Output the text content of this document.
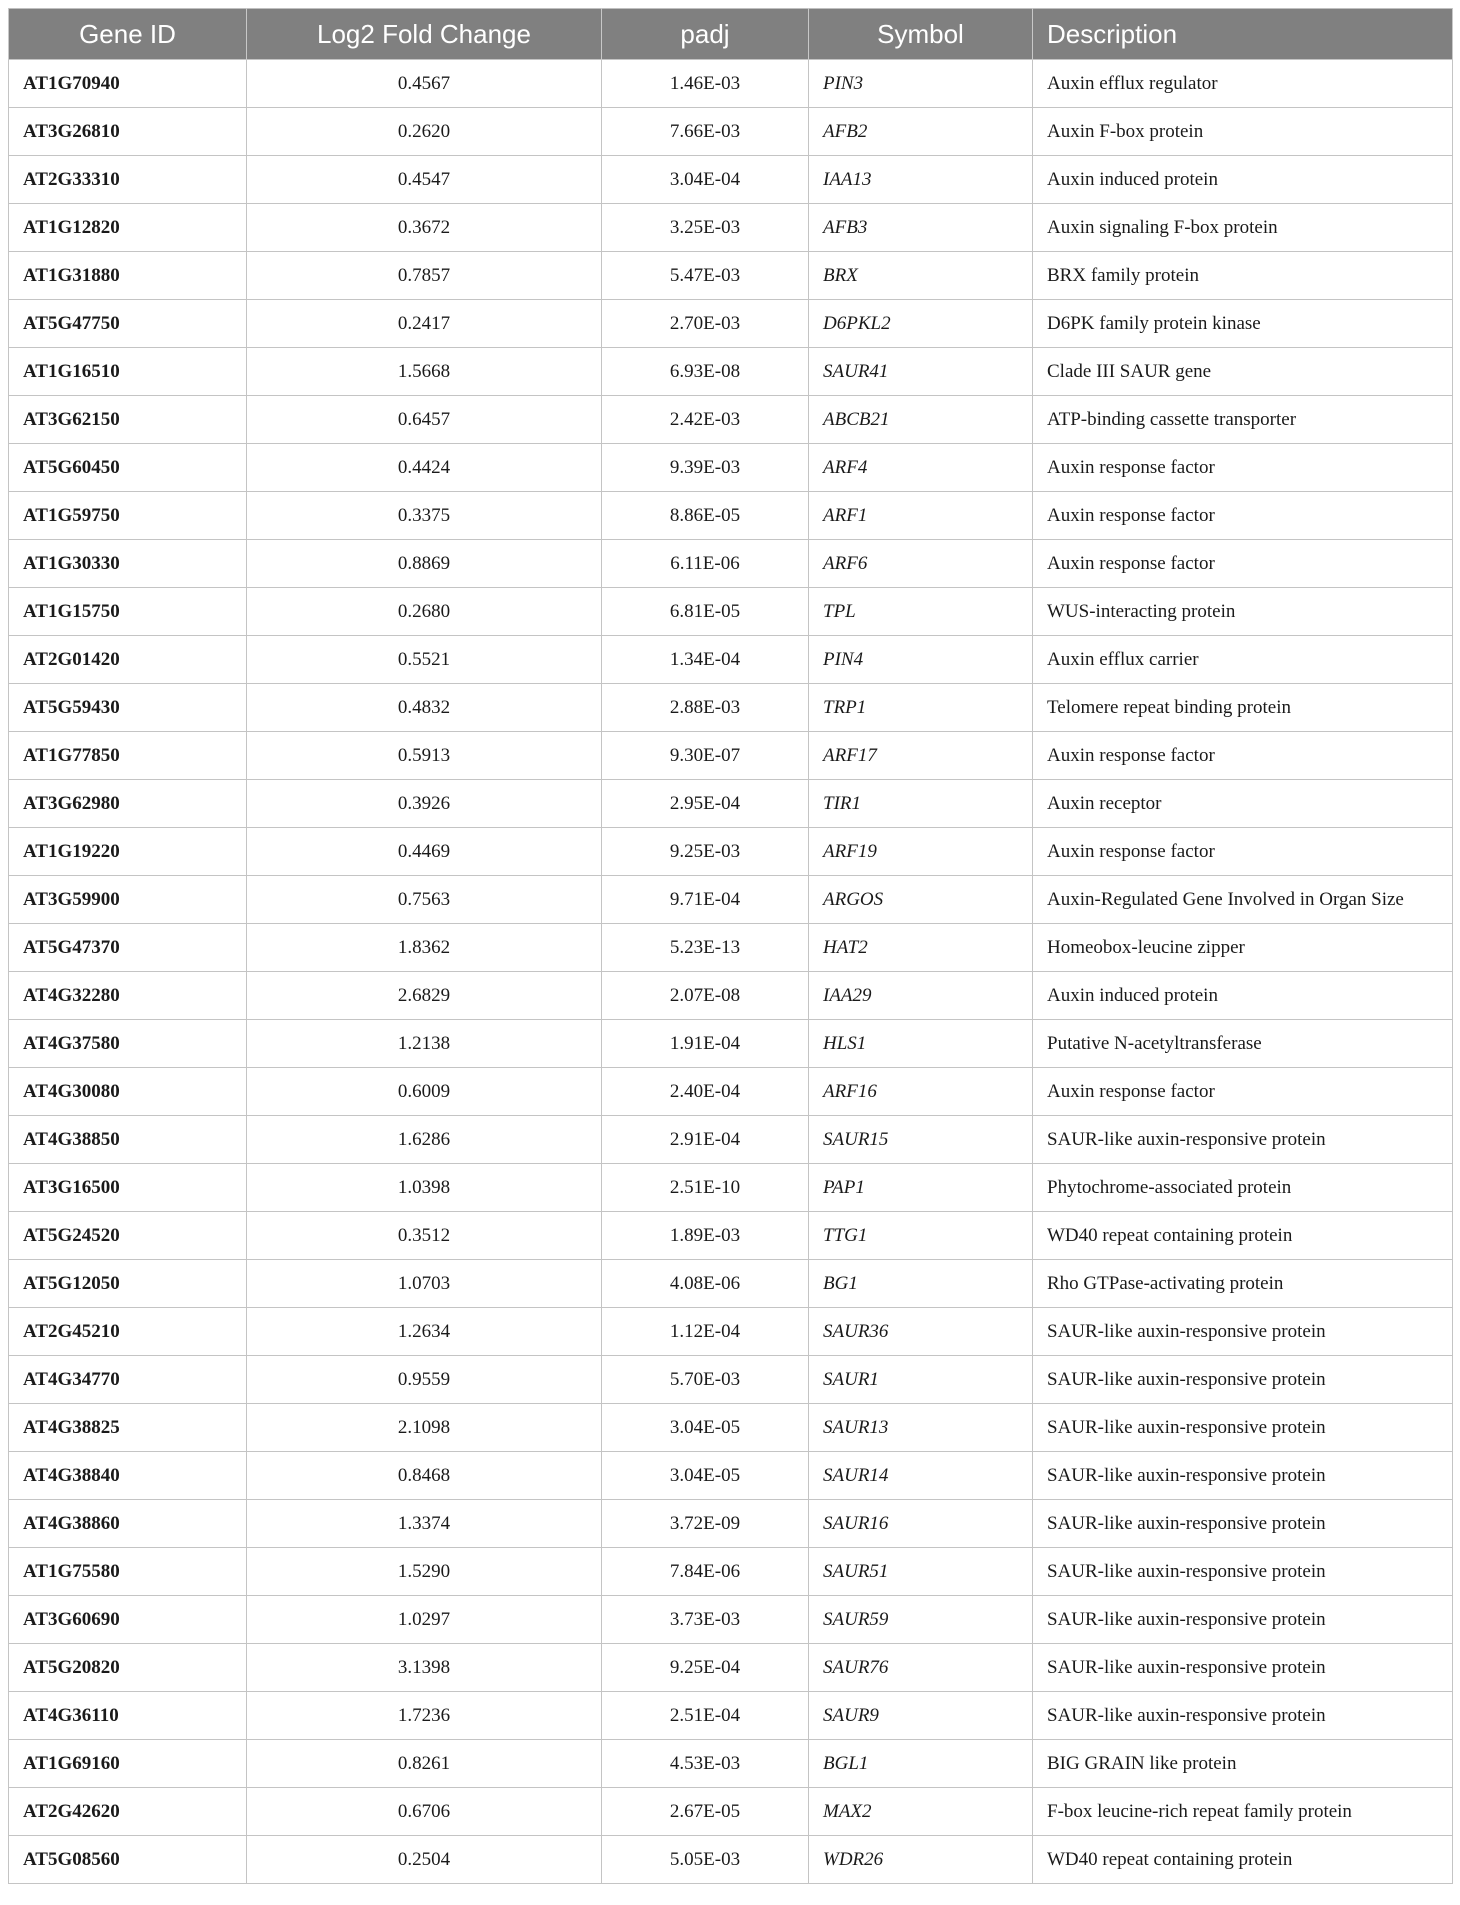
Gene ID	Log2 Fold Change	padj	Symbol	Description
AT1G70940	0.4567	1.46E-03	PIN3	Auxin efflux regulator
AT3G26810	0.2620	7.66E-03	AFB2	Auxin F-box protein
AT2G33310	0.4547	3.04E-04	IAA13	Auxin induced protein
AT1G12820	0.3672	3.25E-03	AFB3	Auxin signaling F-box protein
AT1G31880	0.7857	5.47E-03	BRX	BRX family protein
AT5G47750	0.2417	2.70E-03	D6PKL2	D6PK family protein kinase
AT1G16510	1.5668	6.93E-08	SAUR41	Clade III SAUR gene
AT3G62150	0.6457	2.42E-03	ABCB21	ATP-binding cassette transporter
AT5G60450	0.4424	9.39E-03	ARF4	Auxin response factor
AT1G59750	0.3375	8.86E-05	ARF1	Auxin response factor
AT1G30330	0.8869	6.11E-06	ARF6	Auxin response factor
AT1G15750	0.2680	6.81E-05	TPL	WUS-interacting protein
AT2G01420	0.5521	1.34E-04	PIN4	Auxin efflux carrier
AT5G59430	0.4832	2.88E-03	TRP1	Telomere repeat binding protein
AT1G77850	0.5913	9.30E-07	ARF17	Auxin response factor
AT3G62980	0.3926	2.95E-04	TIR1	Auxin receptor
AT1G19220	0.4469	9.25E-03	ARF19	Auxin response factor
AT3G59900	0.7563	9.71E-04	ARGOS	Auxin-Regulated Gene Involved in Organ Size
AT5G47370	1.8362	5.23E-13	HAT2	Homeobox-leucine zipper
AT4G32280	2.6829	2.07E-08	IAA29	Auxin induced protein
AT4G37580	1.2138	1.91E-04	HLS1	Putative N-acetyltransferase
AT4G30080	0.6009	2.40E-04	ARF16	Auxin response factor
AT4G38850	1.6286	2.91E-04	SAUR15	SAUR-like auxin-responsive protein
AT3G16500	1.0398	2.51E-10	PAP1	Phytochrome-associated protein
AT5G24520	0.3512	1.89E-03	TTG1	WD40 repeat containing protein
AT5G12050	1.0703	4.08E-06	BG1	Rho GTPase-activating protein
AT2G45210	1.2634	1.12E-04	SAUR36	SAUR-like auxin-responsive protein
AT4G34770	0.9559	5.70E-03	SAUR1	SAUR-like auxin-responsive protein
AT4G38825	2.1098	3.04E-05	SAUR13	SAUR-like auxin-responsive protein
AT4G38840	0.8468	3.04E-05	SAUR14	SAUR-like auxin-responsive protein
AT4G38860	1.3374	3.72E-09	SAUR16	SAUR-like auxin-responsive protein
AT1G75580	1.5290	7.84E-06	SAUR51	SAUR-like auxin-responsive protein
AT3G60690	1.0297	3.73E-03	SAUR59	SAUR-like auxin-responsive protein
AT5G20820	3.1398	9.25E-04	SAUR76	SAUR-like auxin-responsive protein
AT4G36110	1.7236	2.51E-04	SAUR9	SAUR-like auxin-responsive protein
AT1G69160	0.8261	4.53E-03	BGL1	BIG GRAIN like protein
AT2G42620	0.6706	2.67E-05	MAX2	F-box leucine-rich repeat family protein
AT5G08560	0.2504	5.05E-03	WDR26	WD40 repeat containing protein
